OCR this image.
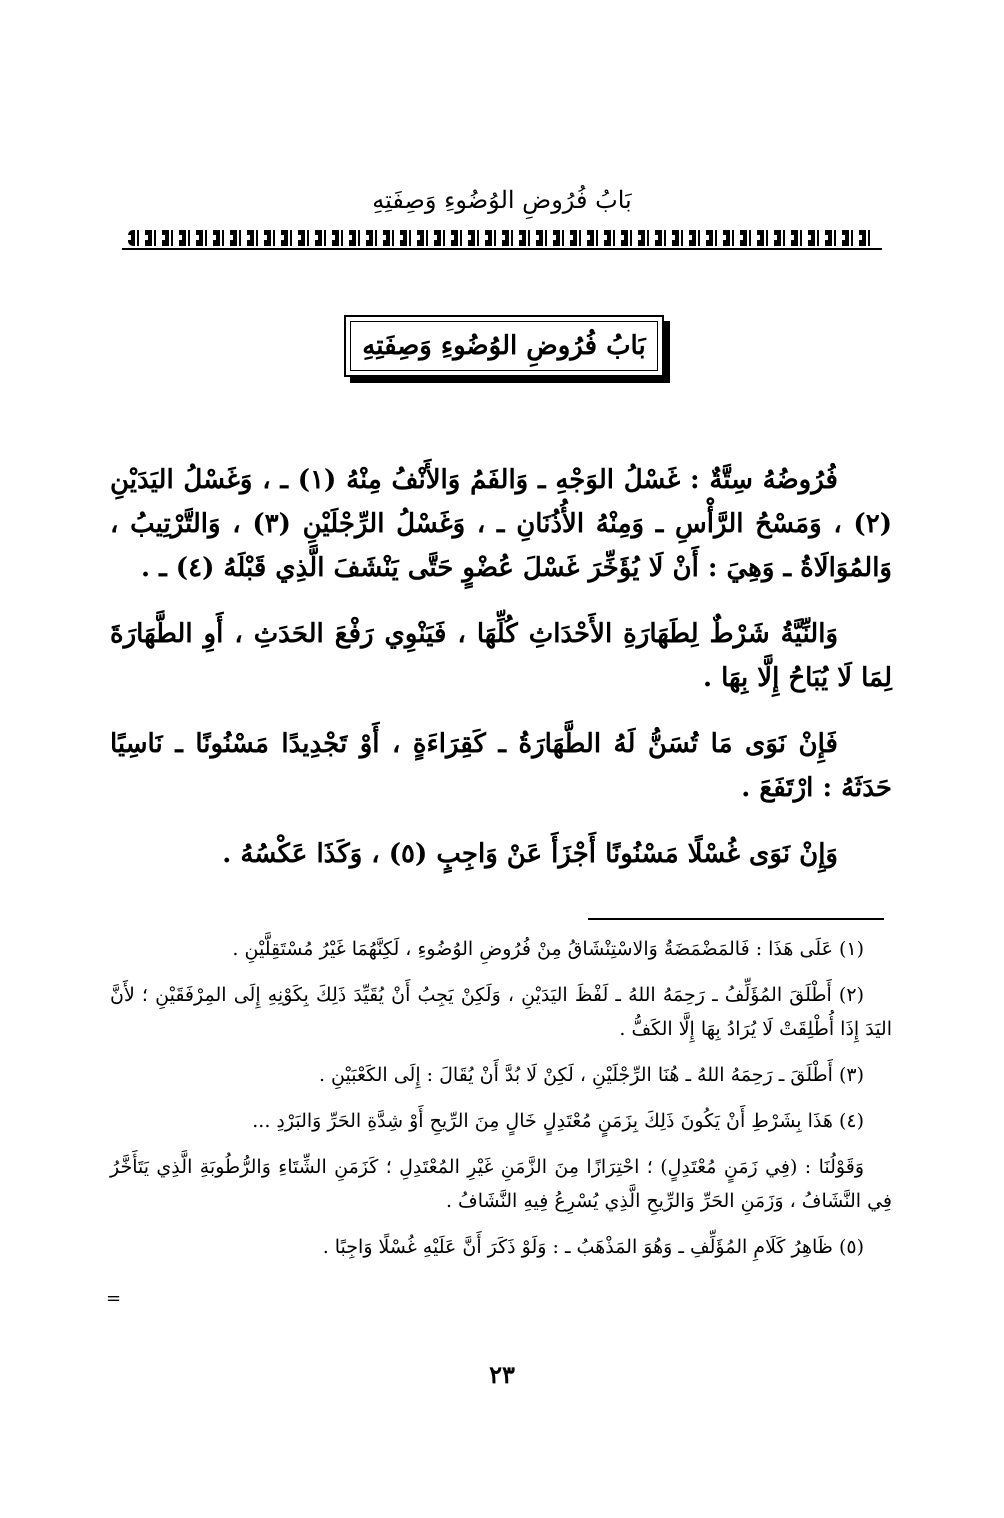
بَابُ فُرُوضِ الوُضُوءِ وَصِفَتِهِ
بَابُ فُرُوضِ الوُضُوءِ وَصِفَتِهِ

فُرُوضُهُ سِتَّةٌ : غَسْلُ الوَجْهِ ـ وَالفَمُ وَالأَنْفُ مِنْهُ (١) ـ ، وَغَسْلُ اليَدَيْنِ (٢) ، وَمَسْحُ الرَّأْسِ ـ وَمِنْهُ الأُذُنَانِ ـ ، وَغَسْلُ الرِّجْلَيْنِ (٣) ، وَالتَّرْتِيبُ ، وَالمُوَالَاةُ ـ وَهِيَ : أَنْ لَا يُؤَخِّرَ غَسْلَ عُضْوٍ حَتَّى يَنْشَفَ الَّذِي قَبْلَهُ (٤) ـ .

وَالنِّيَّةُ شَرْطٌ لِطَهَارَةِ الأَحْدَاثِ كُلِّهَا ، فَيَنْوِي رَفْعَ الحَدَثِ ، أَوِ الطَّهَارَةَ لِمَا لَا يُبَاحُ إِلَّا بِهَا .

فَإِنْ نَوَى مَا تُسَنُّ لَهُ الطَّهَارَةُ ـ كَقِرَاءَةٍ ، أَوْ تَجْدِيدًا مَسْنُونًا ـ نَاسِيًا حَدَثَهُ : ارْتَفَعَ .

وَإِنْ نَوَى غُسْلًا مَسْنُونًا أَجْزَأَ عَنْ وَاجِبٍ (٥) ، وَكَذَا عَكْسُهُ .

(١) عَلَى هَذَا : فَالمَضْمَضَةُ وَالاسْتِنْشَاقُ مِنْ فُرُوضِ الوُضُوءِ ، لَكِنَّهُمَا غَيْرُ مُسْتَقِلَّيْنِ .

(٢) أَطْلَقَ المُؤَلِّفُ ـ رَحِمَهُ اللهُ ـ لَفْظَ اليَدَيْنِ ، وَلَكِنْ يَجِبُ أَنْ يُقَيِّدَ ذَلِكَ بِكَوْنِهِ إِلَى المِرْفَقَيْنِ ؛ لأَنَّ اليَدَ إِذَا أُطْلِقَتْ لَا يُرَادُ بِهَا إِلَّا الكَفُّ .

(٣) أَطْلَقَ ـ رَحِمَهُ اللهُ ـ هُنَا الرِّجْلَيْنِ ، لَكِنْ لَا بُدَّ أَنْ يُقَالَ : إِلَى الكَعْبَيْنِ .

(٤) هَذَا بِشَرْطِ أَنْ يَكُونَ ذَلِكَ بِزَمَنٍ مُعْتَدِلٍ خَالٍ مِنَ الرِّيحِ أَوْ شِدَّةِ الحَرِّ وَالبَرْدِ ...

وَقَوْلُنَا : (فِي زَمَنٍ مُعْتَدِلٍ) ؛ احْتِرَازًا مِنَ الزَّمَنِ غَيْرِ المُعْتَدِلِ ؛ كَزَمَنِ الشِّتَاءِ وَالرُّطُوبَةِ الَّذِي يَتَأَخَّرُ فِي النَّشَافُ ، وَزَمَنِ الحَرِّ وَالرِّيحِ الَّذِي يُسْرِعُ فِيهِ النَّشَافُ .

(٥) ظَاهِرُ كَلَامِ المُؤَلِّفِ ـ وَهُوَ المَذْهَبُ ـ : وَلَوْ ذَكَرَ أَنَّ عَلَيْهِ غُسْلًا وَاجِبًا .

=
٢٣
